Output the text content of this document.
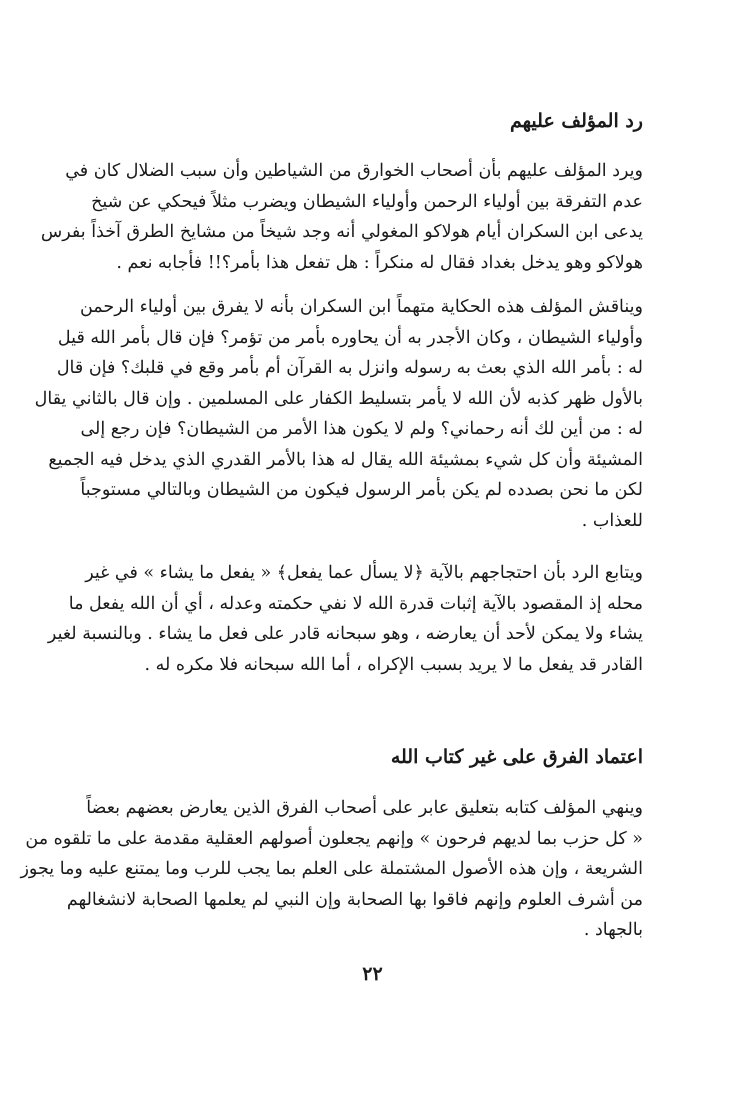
رد المؤلف عليهم
ويرد المؤلف عليهم بأن أصحاب الخوارق من الشياطين وأن سبب الضلال كان في
عدم التفرقة بين أولياء الرحمن وأولياء الشيطان ويضرب مثلاً فيحكي عن شيخ
يدعى ابن السكران أيام هولاكو المغولي أنه وجد شيخاً من مشايخ الطرق آخذاً بفرس
هولاكو وهو يدخل بغداد فقال له منكراً : هل تفعل هذا بأمر؟!! فأجابه نعم .
ويناقش المؤلف هذه الحكاية متهماً ابن السكران بأنه لا يفرق بين أولياء الرحمن
وأولياء الشيطان ، وكان الأجدر به أن يحاوره بأمر من تؤمر؟ فإن قال بأمر الله قيل
له : بأمر الله الذي بعث به رسوله وانزل به القرآن أم بأمر وقع في قلبك؟ فإن قال
بالأول ظهر كذبه لأن الله لا يأمر بتسليط الكفار على المسلمين . وإن قال بالثاني يقال
له : من أين لك أنه رحماني؟ ولم لا يكون هذا الأمر من الشيطان؟ فإن رجع إلى
المشيئة وأن كل شيء بمشيئة الله يقال له هذا بالأمر القدري الذي يدخل فيه الجميع
لكن ما نحن بصدده لم يكن بأمر الرسول فيكون من الشيطان وبالتالي مستوجباً
للعذاب .
ويتابع الرد بأن احتجاجهم بالآية ﴿لا يسأل عما يفعل﴾ « يفعل ما يشاء » في غير
محله إذ المقصود بالآية إثبات قدرة الله لا نفي حكمته وعدله ، أي أن الله يفعل ما
يشاء ولا يمكن لأحد أن يعارضه ، وهو سبحانه قادر على فعل ما يشاء . وبالنسبة لغير
القادر قد يفعل ما لا يريد بسبب الإكراه ، أما الله سبحانه فلا مكره له .
اعتماد الفرق على غير كتاب الله
وينهي المؤلف كتابه بتعليق عابر على أصحاب الفرق الذين يعارض بعضهم بعضاً
« كل حزب بما لديهم فرحون » وإنهم يجعلون أصولهم العقلية مقدمة على ما تلقوه من
الشريعة ، وإن هذه الأصول المشتملة على العلم بما يجب للرب وما يمتنع عليه وما يجوز
من أشرف العلوم وإنهم فاقوا بها الصحابة وإن النبي لم يعلمها الصحابة لانشغالهم
بالجهاد .
٢٢
